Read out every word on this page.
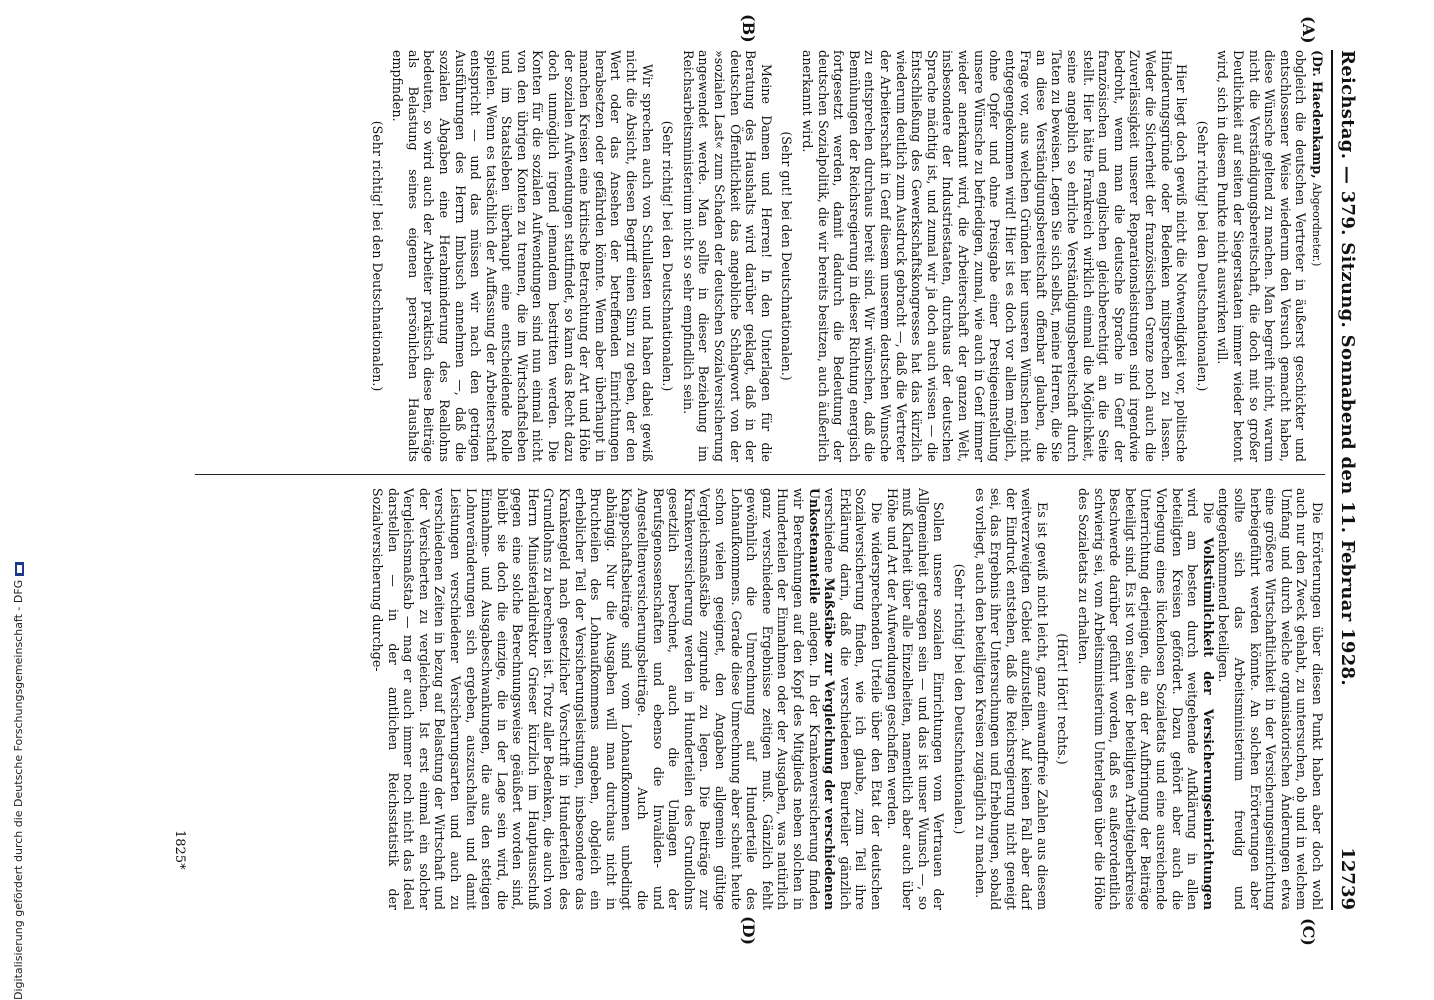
Reichstag. — 379. Sitzung. Sonnabend den 11. Februar 1928.
12739
(A)
(B)
(C)
(D)

(Dr. Haedenkamp, Abgeordneter.)

obgleich die deutschen Vertreter in äußerst geschickter und entschlossener Weise wiederum den Versuch gemacht haben, diese Wünsche geltend zu machen. Man begreift nicht, warum nicht die Verständigungsbereitschaft, die doch mit so großer Deutlichkeit auf seiten der Siegerstaaten immer wieder betont wird, sich in diesem Punkte nicht auswirken will.

(Sehr richtig! bei den Deutschnationalen.)

Hier liegt doch gewiß nicht die Notwendigkeit vor, politische Hinderungsgründe oder Bedenken mitsprechen zu lassen. Weder die Sicherheit der französischen Grenze noch auch die Zuverlässigkeit unserer Reparationsleistungen sind irgendwie bedroht, wenn man die deutsche Sprache in Genf der französischen und englischen gleichberechtigt an die Seite stellt. Hier hätte Frankreich wirklich einmal die Möglichkeit, seine angeblich so ehrliche Verständigungsbereitschaft durch Taten zu beweisen. Legen Sie sich selbst, meine Herren, die Sie an diese Verständigungsbereitschaft offenbar glauben, die Frage vor, aus welchen Gründen hier unseren Wünschen nicht entgegengekommen wird! Hier ist es doch vor allem möglich, ohne Opfer und ohne Preisgabe einer Prestigeeinstellung unsere Wünsche zu befriedigen, zumal, wie auch in Genf immer wieder anerkannt wird, die Arbeiterschaft der ganzen Welt, insbesondere der Industriestaaten, durchaus der deutschen Sprache mächtig ist, und zumal wir ja doch auch wissen — die Entschließung des Gewerkschaftskongresses hat das kürzlich wiederum deutlich zum Ausdruck gebracht —, daß die Vertreter der Arbeiterschaft in Genf diesem unserem deutschen Wunsche zu entsprechen durchaus bereit sind. Wir wünschen, daß die Bemühungen der Reichsregierung in dieser Richtung energisch fortgesetzt werden, damit dadurch die Bedeutung der deutschen Sozialpolitik, die wir bereits besitzen, auch äußerlich anerkannt wird.

(Sehr gut! bei den Deutschnationalen.)

Meine Damen und Herren! In den Unterlagen für die Beratung des Haushalts wird darüber geklagt, daß in der deutschen Öffentlichkeit das angebliche Schlagwort von der »sozialen Last« zum Schaden der deutschen Sozialversicherung angewendet werde. Man sollte in dieser Beziehung im Reichsarbeitsministerium nicht so sehr empfindlich sein.

(Sehr richtig! bei den Deutschnationalen.)

Wir sprechen auch von Schullasten und haben dabei gewiß nicht die Absicht, diesen Begriff einen Sinn zu geben, der den Wert oder das Ansehen der betreffenden Einrichtungen herabsetzen oder gefährden könnte. Wenn aber überhaupt in manchen Kreisen eine kritische Betrachtung der Art und Höhe der sozialen Aufwendungen stattfindet, so kann das Recht dazu doch unmöglich irgend jemandem bestritten werden. Die Konten für die sozialen Aufwendungen sind nun einmal nicht von den übrigen Konten zu trennen, die im Wirtschaftsleben und im Staatsleben überhaupt eine entscheidende Rolle spielen. Wenn es tatsächlich der Auffassung der Arbeiterschaft entspricht — und das müssen wir nach den getrigen Ausführungen des Herrn Imbusch annehmen —, daß die sozialen Abgaben eine Herabminderung des Reallohns bedeuten, so wird auch der Arbeiter praktisch diese Beiträge als Belastung seines eigenen persönlichen Haushalts empfinden.

(Sehr richtig! bei den Deutschnationalen.)

Die Erörterungen über diesen Punkt haben aber doch wohl auch nur den Zweck gehabt, zu untersuchen, ob und in welchem Umfang und durch welche organisatorischen Änderungen etwa eine größere Wirtschaftlichkeit in der Versicherungseinrichtung herbeigeführt werden könnte. An solchen Erörterungen aber sollte sich das Arbeitsministerium freudig und entgegenkommend beteiligen.

Die Volkstümlichkeit der Versicherungseinrichtungen wird am besten durch weitgehende Aufklärung in allen beteiligten Kreisen gefördert. Dazu gehört aber auch die Vorlegung eines lückenlosen Sozialetats und eine ausreichende Unterrichtung derjenigen, die an der Aufbringung der Beiträge beteiligt sind. Es ist von seiten der beteiligten Arbeitgeberkreise Beschwerde darüber geführt worden, daß es außerordentlich schwierig sei, vom Arbeitsministerium Unterlagen über die Höhe des Sozialetats zu erhalten.

(Hört! Hört! rechts.)

Es ist gewiß nicht leicht, ganz einwandfreie Zahlen aus diesem weitverzweigten Gebiet aufzustellen. Auf keinen Fall aber darf der Eindruck entstehen, daß die Reichsregierung nicht geneigt sei, das Ergebnis ihrer Untersuchungen und Erhebungen, sobald es vorliegt, auch den beteiligten Kreisen zugänglich zu machen.

(Sehr richtig! bei den Deutschnationalen.)

Sollen unsere sozialen Einrichtungen vom Vertrauen der Allgemeinheit getragen sein — und das ist unser Wunsch —, so muß Klarheit über alle Einzelheiten, namentlich aber auch über Höhe und Art der Aufwendungen geschaffen werden.

Die widersprechenden Urteile über den Etat der deutschen Sozialversicherung finden, wie ich glaube, zum Teil ihre Erklärung darin, daß die verschiedenen Beurteiler gänzlich verschiedene Maßstäbe zur Vergleichung der verschiedenen Unkostenanteile anlegen. In der Krankenversicherung finden wir Berechnungen auf den Kopf des Mitglieds neben solchen in Hunderteilen der Einnahmen oder der Ausgaben, was natürlich ganz verschiedene Ergebnisse zeitigen muß. Gänzlich fehlt gewöhnlich die Umrechnung auf Hunderteile des Lohnaufkommens. Gerade diese Umrechnung aber scheint heute schon vielen geeignet, den Angaben allgemein gültige Vergleichsmaßstäbe zugrunde zu legen. Die Beiträge zur Krankenversicherung werden in Hunderteilen des Grundlohns gesetzlich berechnet, auch die Umlagen der Berufsgenossenschaften und ebenso die Invaliden- und Angestelltenversicherungsbeiträge. Auch die Knappschaftsbeiträge sind vom Lohnaufkommen unbedingt abhängig. Nur die Ausgaben will man durchaus nicht in Bruchteilen des Lohnaufkommens angeben, obgleich ein erheblicher Teil der Versicherungsleistungen, insbesondere das Krankengeld nach gesetzlicher Vorschrift in Hunderteilen des Grundlohns zu berechnen ist. Trotz aller Bedenken, die auch von Herrn Ministerialdirektor Grieser kürzlich im Hauptausschuß gegen eine solche Berechnungsweise geäußert worden sind, bleibt sie doch die einzige, die in der Lage sein wird, die Einnahme- und Ausgabeschwankungen, die aus den stetigen Lohnveränderungen sich ergeben, auszuschalten und damit Leistungen verschiedener Versicherungsarten und auch zu verschiedenen Zeiten in bezug auf Belastung der Wirtschaft und der Versicherten zu vergleichen. Ist erst einmal ein solcher Vergleichsmaßstab — mag er auch immer noch nicht das Ideal darstellen — in der amtlichen Reichsstatistik der Sozialversicherung durchge-

1825*
Digitalisierung gefördert durch die Deutsche Forschungsgemeinschaft - DFG
